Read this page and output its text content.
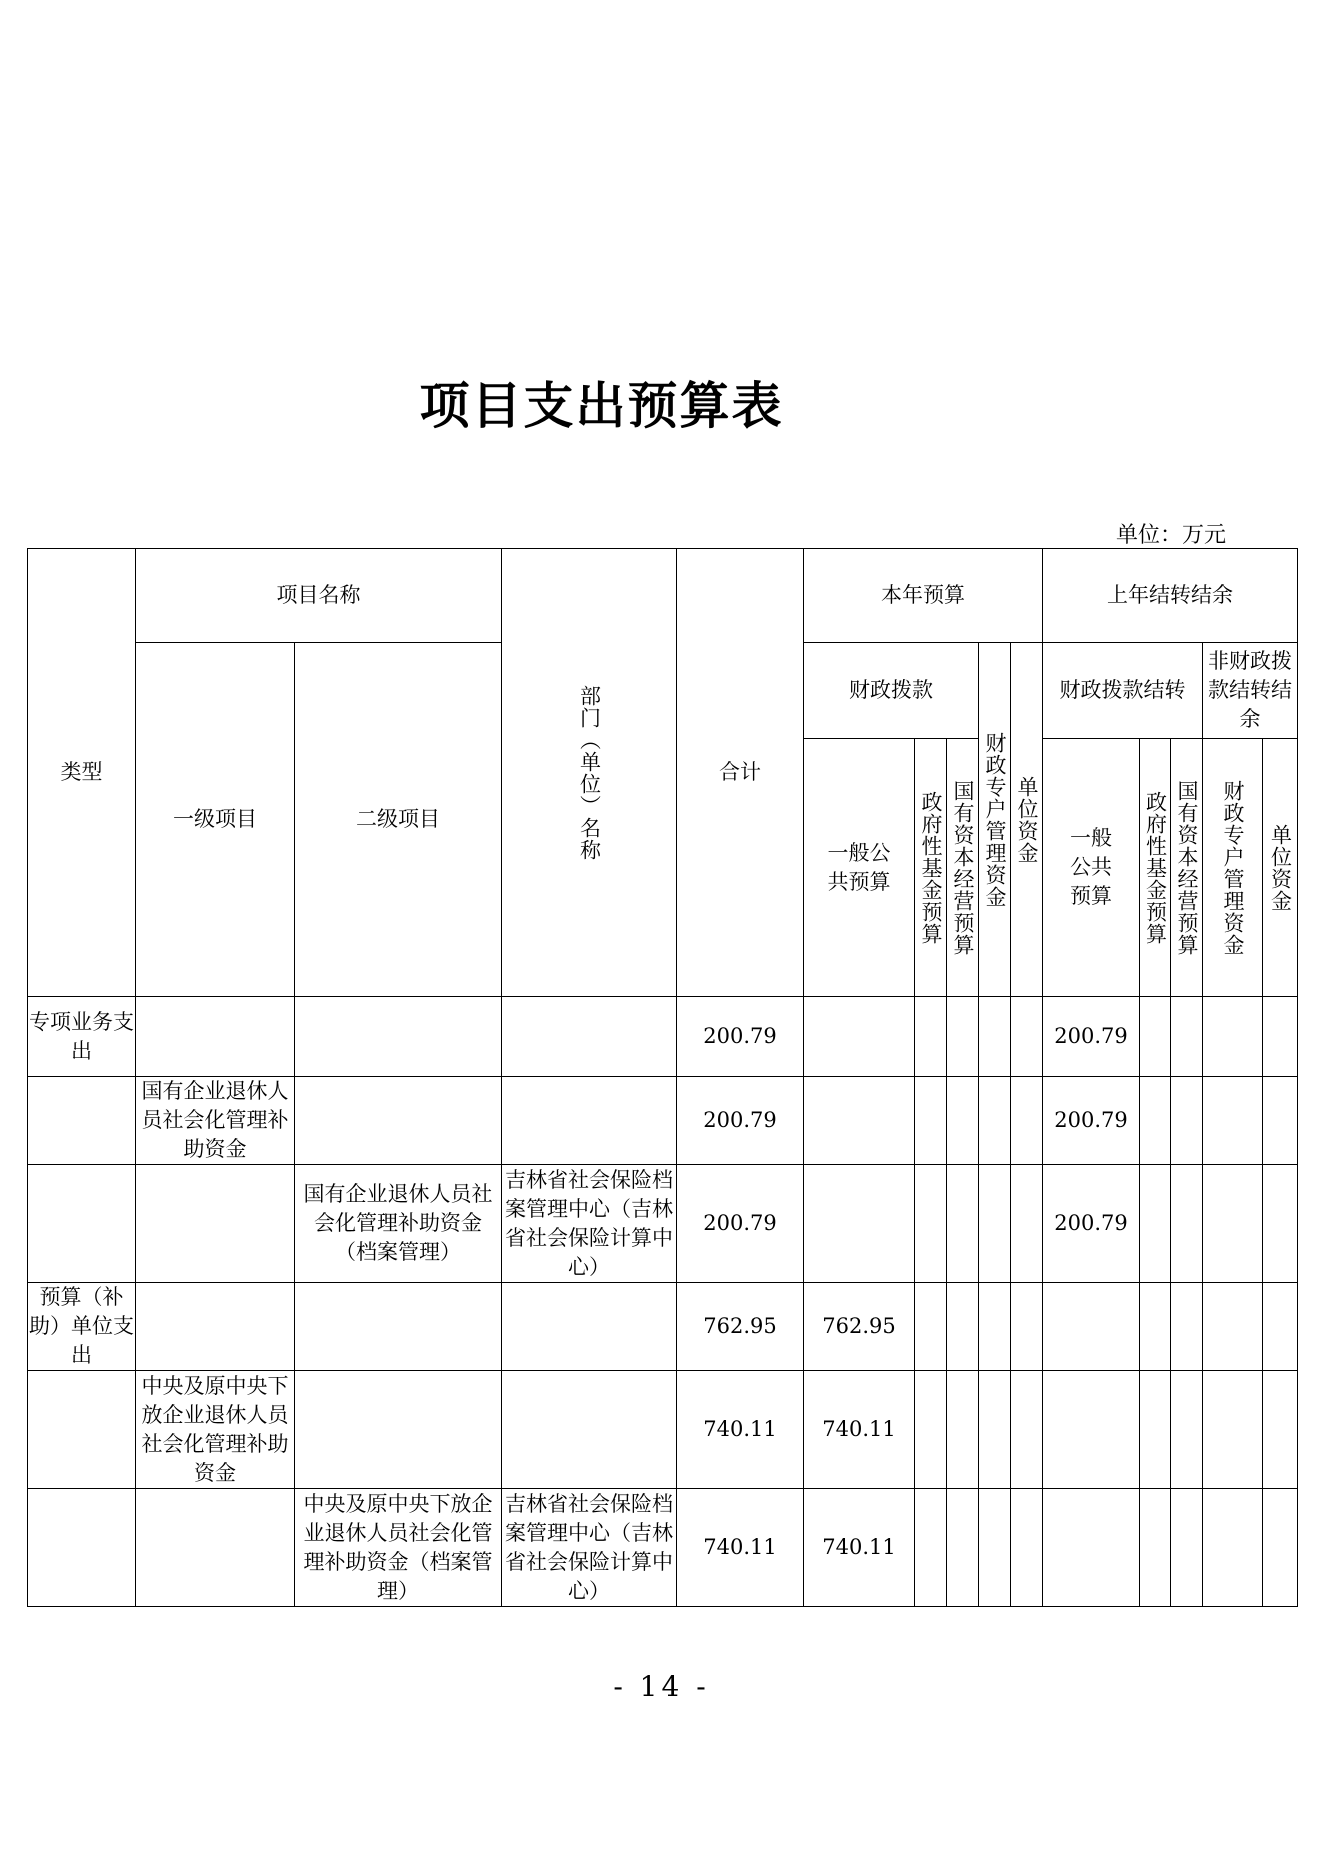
项目支出预算表
单位：万元
类型	项目名称		部门（单位）名称	合计	本年预算					上年结转结余				
	一级项目	二级项目			财政拨款			财政专户管理资金	单位资金	财政拨款结转			非财政拨款结转结余	
					一般公共预算	政府性基金预算	国有资本经营预算			一般公共预算	政府性基金预算	国有资本经营预算	财政专户管理资金	单位资金
专项业务支出				200.79						200.79				
	国有企业退休人员社会化管理补助资金			200.79						200.79				
		国有企业退休人员社会化管理补助资金（档案管理）	吉林省社会保险档案管理中心（吉林省社会保险计算中心）	200.79						200.79				
预算（补助）单位支出				762.95	762.95									
	中央及原中央下放企业退休人员社会化管理补助资金			740.11	740.11									
		中央及原中央下放企业退休人员社会化管理补助资金（档案管理）	吉林省社会保险档案管理中心（吉林省社会保险计算中心）	740.11	740.11									
- 14 -
